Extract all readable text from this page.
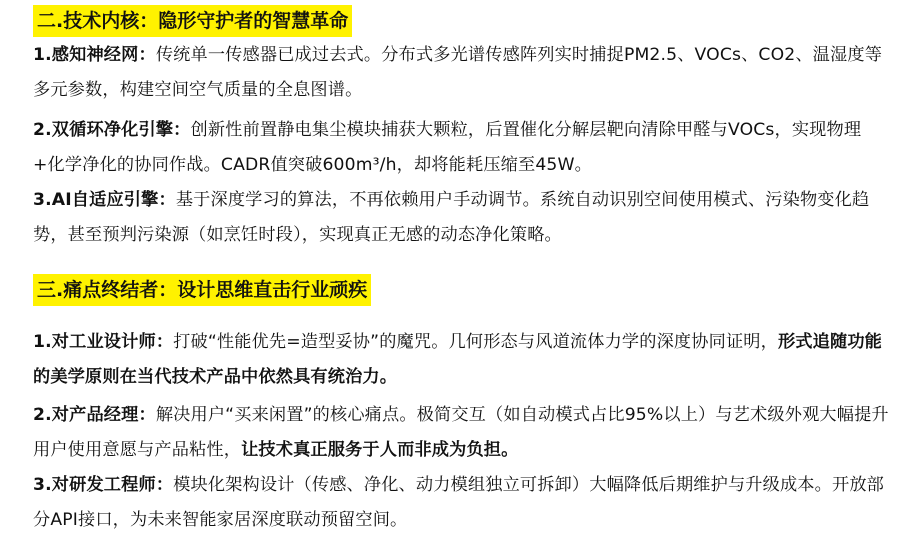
二.技术内核：隐形守护者的智慧革命

1.感知神经网：传统单一传感器已成过去式。分布式多光谱传感阵列实时捕捉PM2.5、VOCs、CO2、温湿度等多元参数，构建空间空气质量的全息图谱。

2.双循环净化引擎：创新性前置静电集尘模块捕获大颗粒，后置催化分解层靶向清除甲醛与VOCs，实现物理+化学净化的协同作战。CADR值突破600m³/h，却将能耗压缩至45W。

3.AI自适应引擎：基于深度学习的算法，不再依赖用户手动调节。系统自动识别空间使用模式、污染物变化趋势，甚至预判污染源（如烹饪时段），实现真正无感的动态净化策略。

三.痛点终结者：设计思维直击行业顽疾

1.对工业设计师：打破“性能优先=造型妥协”的魔咒。几何形态与风道流体力学的深度协同证明，形式追随功能的美学原则在当代技术产品中依然具有统治力。

2.对产品经理：解决用户“买来闲置”的核心痛点。极简交互（如自动模式占比95%以上）与艺术级外观大幅提升用户使用意愿与产品粘性，让技术真正服务于人而非成为负担。

3.对研发工程师：模块化架构设计（传感、净化、动力模组独立可拆卸）大幅降低后期维护与升级成本。开放部分API接口，为未来智能家居深度联动预留空间。
